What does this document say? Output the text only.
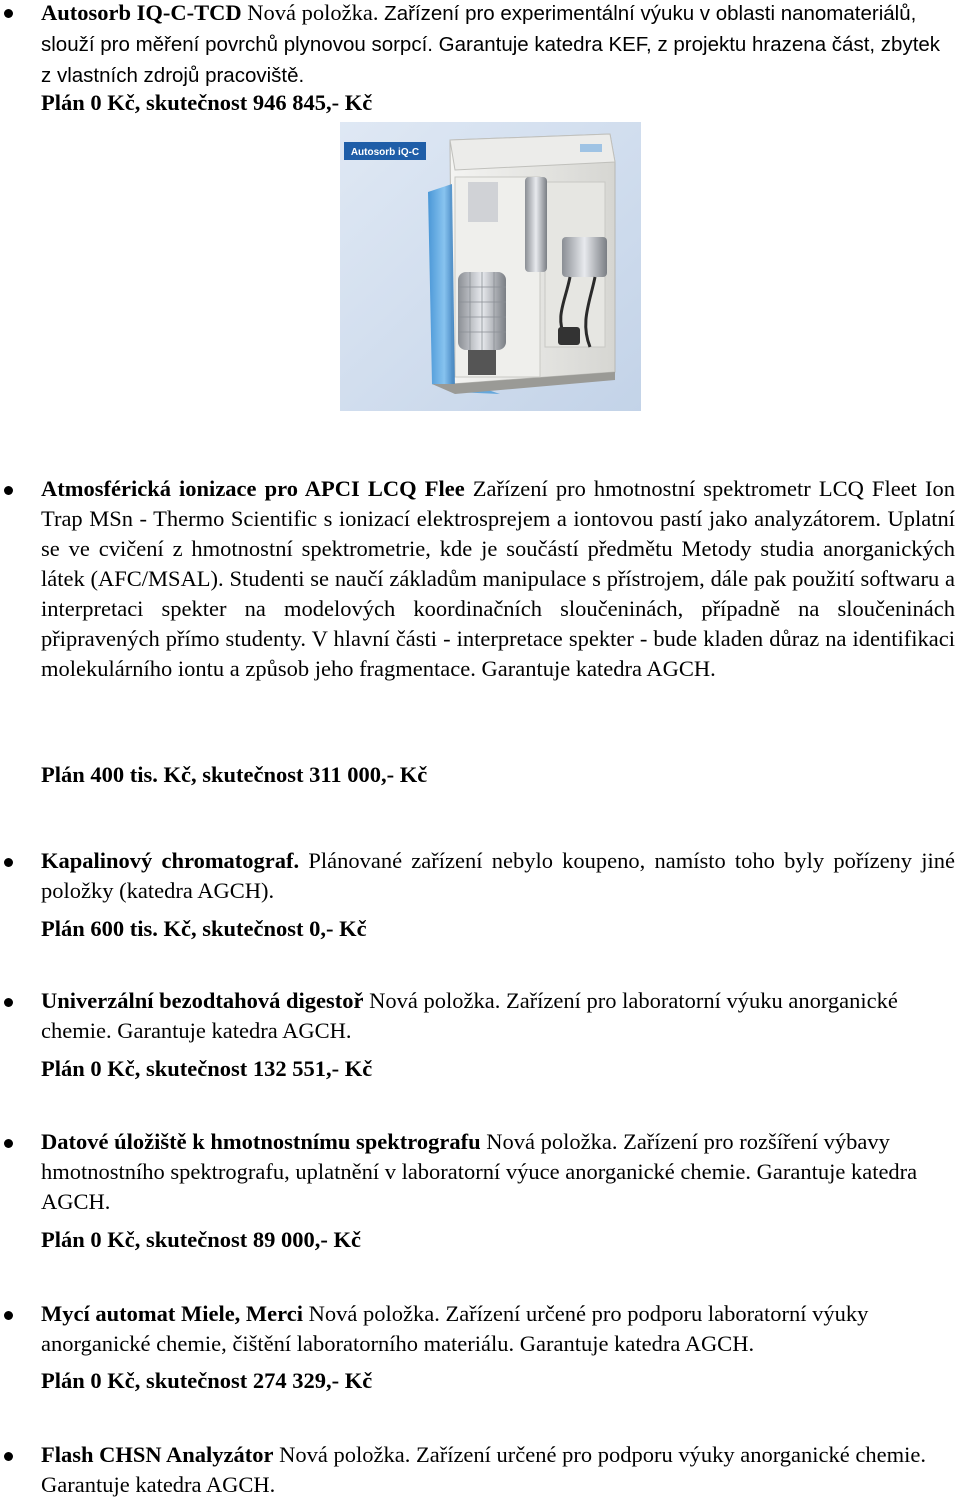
Autosorb IQ-C-TCD Nová položka. Zařízení pro experimentální výuku v oblasti nanomateriálů, slouží pro měření povrchů plynovou sorpcí. Garantuje katedra KEF, z projektu hrazena část, zbytek z vlastních zdrojů pracoviště.
Plán 0 Kč, skutečnost 946 845,- Kč
Autosorb iQ-C
Atmosférická ionizace pro APCI LCQ Flee Zařízení pro hmotnostní spektrometr LCQ Fleet Ion Trap MSn - Thermo Scientific s ionizací elektrosprejem a iontovou pastí jako analyzátorem. Uplatní se ve cvičení z hmotnostní spektrometrie, kde je součástí předmětu Metody studia anorganických látek (AFC/MSAL). Studenti se naučí základům manipulace s přístrojem, dále pak použití softwaru a interpretaci spekter na modelových koordinačních sloučeninách, případně na sloučeninách připravených přímo studenty. V hlavní části - interpretace spekter - bude kladen důraz na identifikaci molekulárního iontu a způsob jeho fragmentace. Garantuje katedra AGCH.
Plán 400 tis. Kč, skutečnost 311 000,- Kč
Kapalinový chromatograf. Plánované zařízení nebylo koupeno, namísto toho byly pořízeny jiné položky (katedra AGCH).
Plán 600 tis. Kč, skutečnost 0,- Kč
Univerzální bezodtahová digestoř Nová položka. Zařízení pro laboratorní výuku anorganické chemie. Garantuje katedra AGCH.
Plán 0 Kč, skutečnost 132 551,- Kč
Datové úložiště k hmotnostnímu spektrografu Nová položka. Zařízení pro rozšíření výbavy hmotnostního spektrografu, uplatnění v laboratorní výuce anorganické chemie. Garantuje katedra AGCH.
Plán 0 Kč, skutečnost 89 000,- Kč
Mycí automat Miele, Merci Nová položka. Zařízení určené pro podporu laboratorní výuky anorganické chemie, čištění laboratorního materiálu. Garantuje katedra AGCH.
Plán 0 Kč, skutečnost 274 329,- Kč
Flash CHSN Analyzátor Nová položka. Zařízení určené pro podporu výuky anorganické chemie. Garantuje katedra AGCH.
